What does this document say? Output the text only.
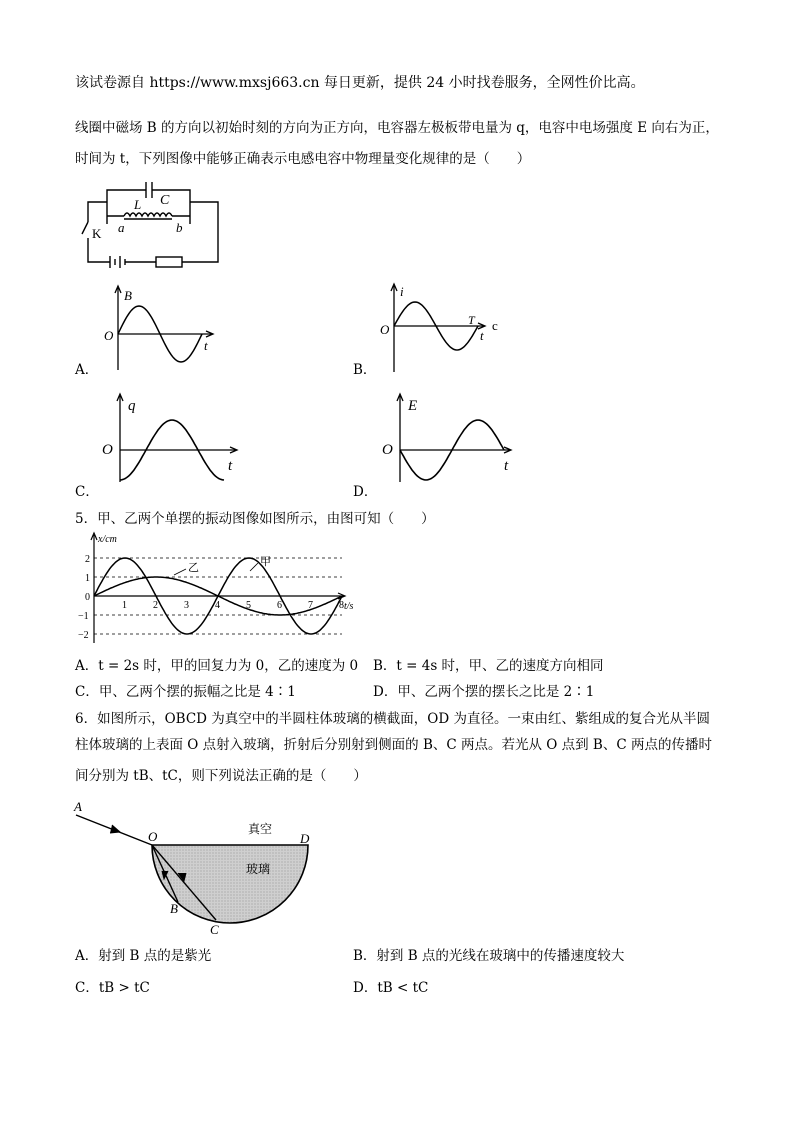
该试卷源自 https://www.mxsj663.cn 每日更新，提供 24 小时找卷服务，全网性价比高。
线圈中磁场 B 的方向以初始时刻的方向为正方向，电容器左极板带电量为 q，电容中电场强度 E 向右为正，
时间为 t，下列图像中能够正确表示电感电容中物理量变化规律的是（　　）
C
L
a	b
K
B
O
t
A．
i
O
T
t
c
B．
q
O
t
C．
E
O
t
D．
5．甲、乙两个单摆的振动图像如图所示，由图可知（　　）
1	2	3	4	5	6	7	8
2
1
0
−1
−2
x/cm
t/s
甲
乙
A．t = 2s 时，甲的回复力为 0，乙的速度为 0 B．t = 4s 时，甲、乙的速度方向相同
C．甲、乙两个摆的振幅之比是 4∶1	D．甲、乙两个摆的摆长之比是 2∶1
6．如图所示，OBCD 为真空中的半圆柱体玻璃的横截面，OD 为直径。一束由红、紫组成的复合光从半圆
柱体玻璃的上表面 O 点射入玻璃，折射后分别射到侧面的 B、C 两点。若光从 O 点到 B、C 两点的传播时
间分别为 tB、tC，则下列说法正确的是（　　）
A
O	D
B
C
真空
玻璃
A．射到 B 点的是紫光	B．射到 B 点的光线在玻璃中的传播速度较大
C．tB > tC	D．tB < tC
